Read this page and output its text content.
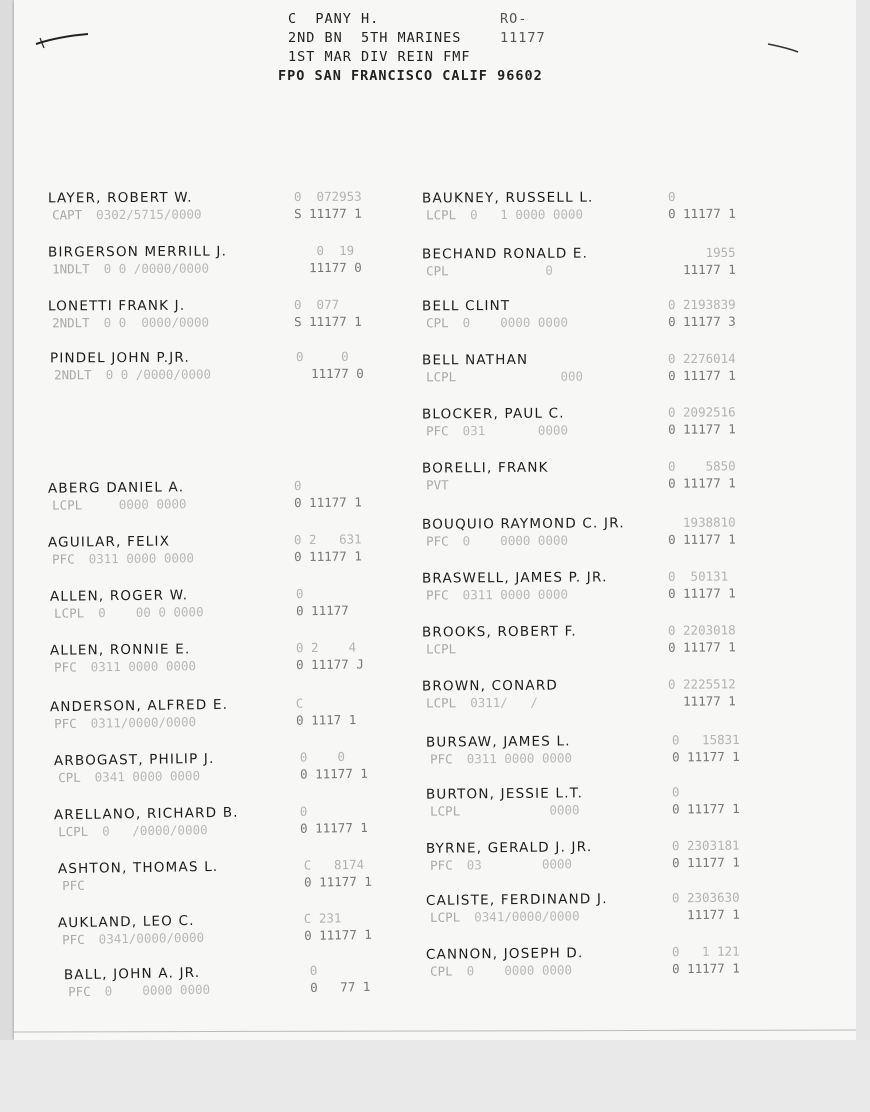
C  PANY H.	RO-11177
2ND BN  5TH MARINES
1ST MAR DIV REIN FMF
FPO SAN FRANCISCO CALIF 96602
LAYER, ROBERT W.
CAPT 0302/5715/0000
0  072953
S 11177 1
BIRGERSON MERRILL J.
1NDLT 0 0 /0000/0000
0  19
11177 0
LONETTI FRANK J.
2NDLT 0 0  0000/0000
0  077
S 11177 1
PINDEL JOHN P.JR.
2NDLT 0 0 /0000/0000
0     0
11177 0
ABERG DANIEL A.
LCPL   0000 0000
0
0 11177 1
AGUILAR, FELIX
PFC 0311 0000 0000
0 2   631
0 11177 1
ALLEN, ROGER W.
LCPL 0    00 0 0000
0
0 11177
ALLEN, RONNIE E.
PFC 0311 0000 0000
0 2    4
0 11177 J
ANDERSON, ALFRED E.
PFC 0311/0000/0000
C
0 1117 1
ARBOGAST, PHILIP J.
CPL 0341 0000 0000
0    0
0 11177 1
ARELLANO, RICHARD B.
LCPL 0   /0000/0000
0
0 11177 1
ASHTON, THOMAS L.
PFC
C   8174
0 11177 1
AUKLAND, LEO C.
PFC 0341/0000/0000
C 231
0 11177 1
BALL, JOHN A. JR.
PFC 0    0000 0000
0
0   77 1
BAUKNEY, RUSSELL L.
LCPL 0   1 0000 0000
0
0 11177 1
BECHAND RONALD E.
CPL           0
1955
11177 1
BELL CLINT
CPL 0    0000 0000
0 2193839
0 11177 3
BELL NATHAN
LCPL            000
0 2276014
0 11177 1
BLOCKER, PAUL C.
PFC 031       0000
0 2092516
0 11177 1
BORELLI, FRANK
PVT
0    5850
0 11177 1
BOUQUIO RAYMOND C. JR.
PFC 0    0000 0000
1938810
0 11177 1
BRASWELL, JAMES P. JR.
PFC 0311 0000 0000
0  50131
0 11177 1
BROOKS, ROBERT F.
LCPL
0 2203018
0 11177 1
BROWN, CONARD
LCPL 0311/   /
0 2225512
11177 1
BURSAW, JAMES L.
PFC 0311 0000 0000
0   15831
0 11177 1
BURTON, JESSIE L.T.
LCPL          0000
0
0 11177 1
BYRNE, GERALD J. JR.
PFC 03        0000
0 2303181
0 11177 1
CALISTE, FERDINAND J.
LCPL 0341/0000/0000
0 2303630
11177 1
CANNON, JOSEPH D.
CPL 0    0000 0000
0   1 121
0 11177 1
